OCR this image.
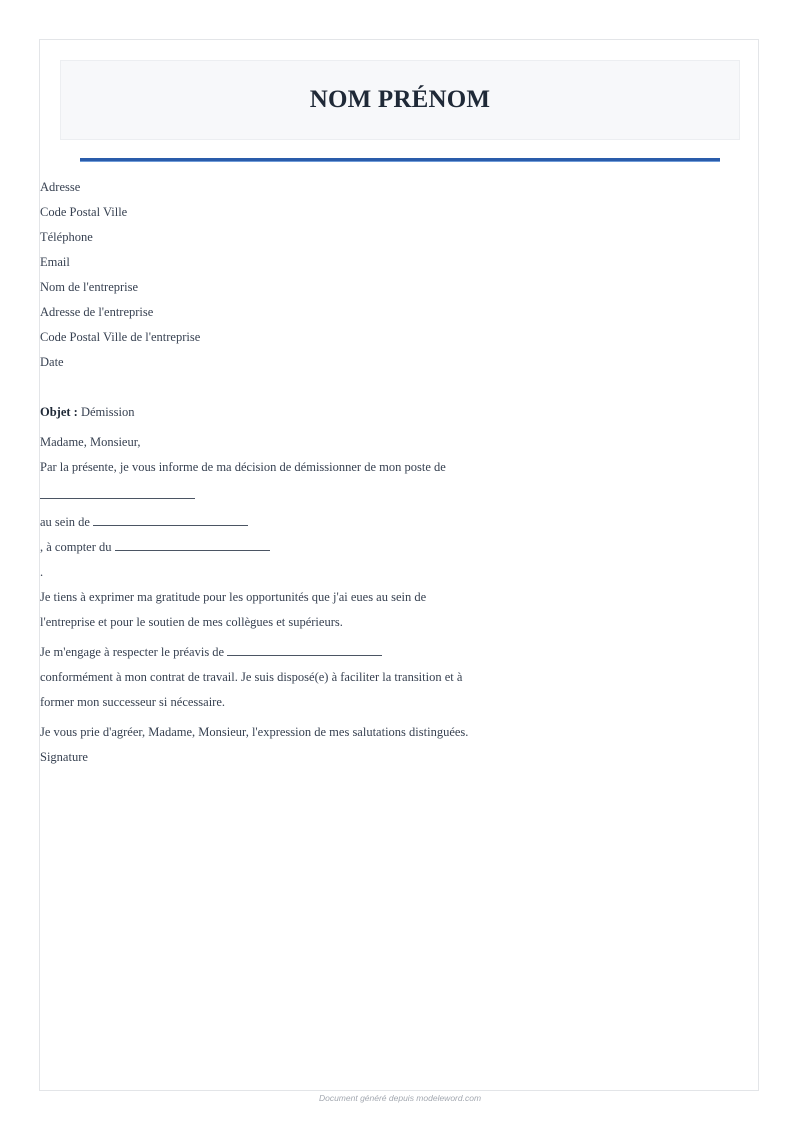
NOM PRÉNOM
Adresse
Code Postal Ville
Téléphone
Email
Nom de l'entreprise
Adresse de l'entreprise
Code Postal Ville de l'entreprise
Date
Objet : Démission
Madame, Monsieur,
Par la présente, je vous informe de ma décision de démissionner de mon poste de
au sein de
, à compter du
.
Je tiens à exprimer ma gratitude pour les opportunités que j'ai eues au sein de
l'entreprise et pour le soutien de mes collègues et supérieurs.
Je m'engage à respecter le préavis de
conformément à mon contrat de travail. Je suis disposé(e) à faciliter la transition et à
former mon successeur si nécessaire.
Je vous prie d'agréer, Madame, Monsieur, l'expression de mes salutations distinguées.
Signature
Document généré depuis modeleword.com
